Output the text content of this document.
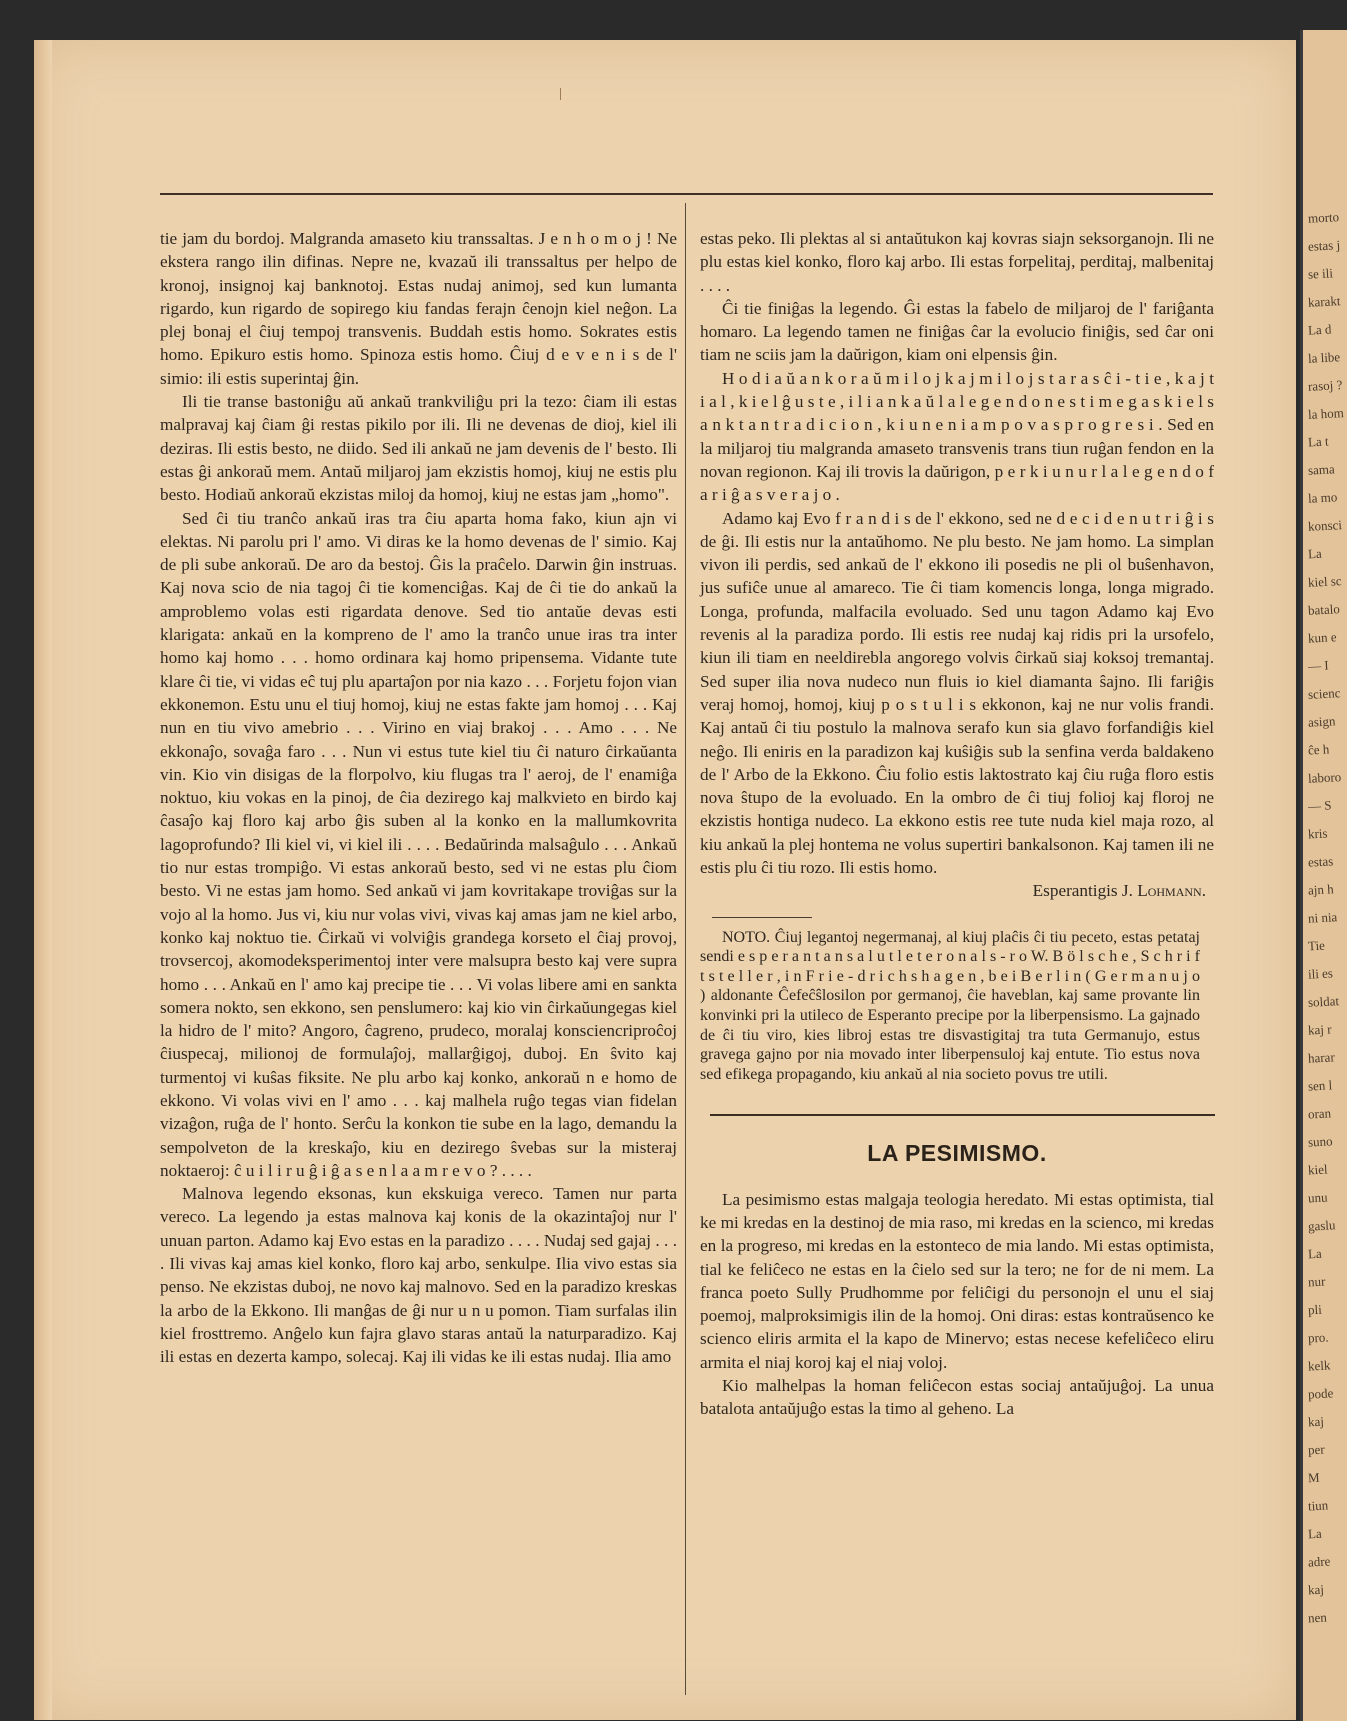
morto
estas j
se ili
karakt
La d
la libe
rasoj ?
la hom
La t
sama
la mo
konsci
La
kiel sc
batalo
kun e
— I
scienc
asign
ĉe h
laboro
— S
kris
estas
ajn h
ni nia
Tie
ili es
soldat
kaj r
harar
sen l
oran
suno
kiel
unu
gaslu
La
nur
pli
pro.
kelk
pode
kaj
per
M
tiun
La
adre
kaj
nen

tie jam du bordoj. Malgranda amaseto kiu transsaltas. J e n h o m o j ! Ne ekstera rango ilin difinas. Nepre ne, kvazaŭ ili transsaltus per helpo de kronoj, insignoj kaj banknotoj. Estas nudaj animoj, sed kun lumanta rigardo, kun rigardo de sopirego kiu fandas ferajn ĉenojn kiel neĝon. La plej bonaj el ĉiuj tempoj transvenis. Buddah estis homo. Sokrates estis homo. Epikuro estis homo. Spinoza estis homo. Ĉiuj d e v e n i s de l' simio: ili estis superintaj ĝin.

Ili tie transe bastoniĝu aŭ ankaŭ trankviliĝu pri la tezo: ĉiam ili estas malpravaj kaj ĉiam ĝi restas pikilo por ili. Ili ne devenas de dioj, kiel ili deziras. Ili estis besto, ne diido. Sed ili ankaŭ ne jam devenis de l' besto. Ili estas ĝi ankoraŭ mem. Antaŭ miljaroj jam ekzistis homoj, kiuj ne estis plu besto. Hodiaŭ ankoraŭ ekzistas miloj da homoj, kiuj ne estas jam „homo".

Sed ĉi tiu tranĉo ankaŭ iras tra ĉiu aparta homa fako, kiun ajn vi elektas. Ni parolu pri l' amo. Vi diras ke la homo devenas de l' simio. Kaj de pli sube ankoraŭ. De aro da bestoj. Ĝis la praĉelo. Darwin ĝin instruas. Kaj nova scio de nia tagoj ĉi tie komenciĝas. Kaj de ĉi tie do ankaŭ la amproblemo volas esti rigardata denove. Sed tio antaŭe devas esti klarigata: ankaŭ en la kompreno de l' amo la tranĉo unue iras tra inter homo kaj homo . . . homo ordinara kaj homo pripensema. Vidante tute klare ĉi tie, vi vidas eĉ tuj plu apartaĵon por nia kazo . . . Forjetu fojon vian ekkonemon. Estu unu el tiuj homoj, kiuj ne estas fakte jam homoj . . . Kaj nun en tiu vivo amebrio . . . Virino en viaj brakoj . . . Amo . . . Ne ekkonaĵo, sovaĝa faro . . . Nun vi estus tute kiel tiu ĉi naturo ĉirkaŭanta vin. Kio vin disigas de la florpolvo, kiu flugas tra l' aeroj, de l' enamiĝa noktuo, kiu vokas en la pinoj, de ĉia dezirego kaj malkvieto en birdo kaj ĉasaĵo kaj floro kaj arbo ĝis suben al la konko en la mallumkovrita lagoprofundo? Ili kiel vi, vi kiel ili . . . . Bedaŭrinda malsaĝulo . . . Ankaŭ tio nur estas trompiĝo. Vi estas ankoraŭ besto, sed vi ne estas plu ĉiom besto. Vi ne estas jam homo. Sed ankaŭ vi jam kovritakape troviĝas sur la vojo al la homo. Jus vi, kiu nur volas vivi, vivas kaj amas jam ne kiel arbo, konko kaj noktuo tie. Ĉirkaŭ vi volviĝis grandega korseto el ĉiaj provoj, trovsercoj, akomodeksperimentoj inter vere malsupra besto kaj vere supra homo . . . Ankaŭ en l' amo kaj precipe tie . . . Vi volas libere ami en sankta somera nokto, sen ekkono, sen penslumero: kaj kio vin ĉirkaŭungegas kiel la hidro de l' mito? Angoro, ĉagreno, prudeco, moralaj konsciencriproĉoj ĉiuspecaj, milionoj de formulaĵoj, mallarĝigoj, duboj. En ŝvito kaj turmentoj vi kuŝas fiksite. Ne plu arbo kaj konko, ankoraŭ n e homo de ekkono. Vi volas vivi en l' amo . . . kaj malhela ruĝo tegas vian fidelan vizaĝon, ruĝa de l' honto. Serĉu la konkon tie sube en la lago, demandu la sempolveton de la kreskaĵo, kiu en dezirego ŝvebas sur la misteraj noktaeroj: ĉ u i l i r u ĝ i ĝ a s e n l a a m r e v o ? . . . .

Malnova legendo eksonas, kun ekskuiga vereco. Tamen nur parta vereco. La legendo ja estas malnova kaj konis de la okazintaĵoj nur l' unuan parton. Adamo kaj Evo estas en la paradizo . . . . Nudaj sed gajaj . . . . Ili vivas kaj amas kiel konko, floro kaj arbo, senkulpe. Ilia vivo estas sia penso. Ne ekzistas duboj, ne novo kaj malnovo. Sed en la paradizo kreskas la arbo de la Ekkono. Ili manĝas de ĝi nur u n u pomon. Tiam surfalas ilin kiel frosttremo. Anĝelo kun fajra glavo staras antaŭ la naturparadizo. Kaj ili estas en dezerta kampo, solecaj. Kaj ili vidas ke ili estas nudaj. Ilia amo

estas peko. Ili plektas al si antaŭtukon kaj kovras siajn seksorganojn. Ili ne plu estas kiel konko, floro kaj arbo. Ili estas forpelitaj, perditaj, malbenitaj . . . .

Ĉi tie finiĝas la legendo. Ĝi estas la fabelo de miljaroj de l' fariĝanta homaro. La legendo tamen ne finiĝas ĉar la evolucio finiĝis, sed ĉar oni tiam ne sciis jam la daŭrigon, kiam oni elpensis ĝin.

H o d i a ŭ a n k o r a ŭ m i l o j k a j m i l o j s t a r a s ĉ i - t i e , k a j t i a l , k i e l ĝ u s t e , i l i a n k a ŭ l a l e g e n d o n e s t i m e g a s k i e l s a n k t a n t r a d i c i o n , k i u n e n i a m p o v a s p r o g r e s i . Sed en la miljaroj tiu malgranda amaseto transvenis trans tiun ruĝan fendon en la novan regionon. Kaj ili trovis la daŭrigon, p e r k i u n u r l a l e g e n d o f a r i ĝ a s v e r a j o .

Adamo kaj Evo f r a n d i s de l' ekkono, sed ne d e c i d e n u t r i ĝ i s de ĝi. Ili estis nur la antaŭhomo. Ne plu besto. Ne jam homo. La simplan vivon ili perdis, sed ankaŭ de l' ekkono ili posedis ne pli ol buŝenhavon, jus sufiĉe unue al amareco. Tie ĉi tiam komencis longa, longa migrado. Longa, profunda, malfacila evoluado. Sed unu tagon Adamo kaj Evo revenis al la paradiza pordo. Ili estis ree nudaj kaj ridis pri la ursofelo, kiun ili tiam en neeldirebla angorego volvis ĉirkaŭ siaj koksoj tremantaj. Sed super ilia nova nudeco nun fluis io kiel diamanta ŝajno. Ili fariĝis veraj homoj, homoj, kiuj p o s t u l i s ekkonon, kaj ne nur volis frandi. Kaj antaŭ ĉi tiu postulo la malnova serafo kun sia glavo forfandiĝis kiel neĝo. Ili eniris en la paradizon kaj kuŝiĝis sub la senfina verda baldakeno de l' Arbo de la Ekkono. Ĉiu folio estis laktostrato kaj ĉiu ruĝa floro estis nova ŝtupo de la evoluado. En la ombro de ĉi tiuj folioj kaj floroj ne ekzistis hontiga nudeco. La ekkono estis ree tute nuda kiel maja rozo, al kiu ankaŭ la plej hontema ne volus supertiri bankalsonon. Kaj tamen ili ne estis plu ĉi tiu rozo. Ili estis homo.

Esperantigis J. Lohmann.

NOTO. Ĉiuj legantoj negermanaj, al kiuj plaĉis ĉi tiu peceto, estas petataj sendi e s p e r a n t a n s a l u t l e t e r o n a l s - r o W. B ö l s c h e , S c h r i f t s t e l l e r , i n F r i e - d r i c h s h a g e n , b e i B e r l i n ( G e r m a n u j o ) aldonante Ĉefeĉŝlosilon por germanoj, ĉie haveblan, kaj same provante lin konvinki pri la utileco de Esperanto precipe por la liberpensismo. La gajnado de ĉi tiu viro, kies libroj estas tre disvastigitaj tra tuta Germanujo, estus gravega gajno por nia movado inter liberpensuloj kaj entute. Tio estus nova sed efikega propagando, kiu ankaŭ al nia societo povus tre utili.

LA PESIMISMO.

La pesimismo estas malgaja teologia heredato. Mi estas optimista, tial ke mi kredas en la destinoj de mia raso, mi kredas en la scienco, mi kredas en la progreso, mi kredas en la estonteco de mia lando. Mi estas optimista, tial ke feliĉeco ne estas en la ĉielo sed sur la tero; ne for de ni mem. La franca poeto Sully Prudhomme por feliĉigi du personojn el unu el siaj poemoj, malproksimigis ilin de la homoj. Oni diras: estas kontraŭsenco ke scienco eliris armita el la kapo de Minervo; estas necese kefeliĉeco eliru armita el niaj koroj kaj el niaj voloj.

Kio malhelpas la homan feliĉecon estas sociaj antaŭjuĝoj. La unua batalota antaŭjuĝo estas la timo al geheno. La
